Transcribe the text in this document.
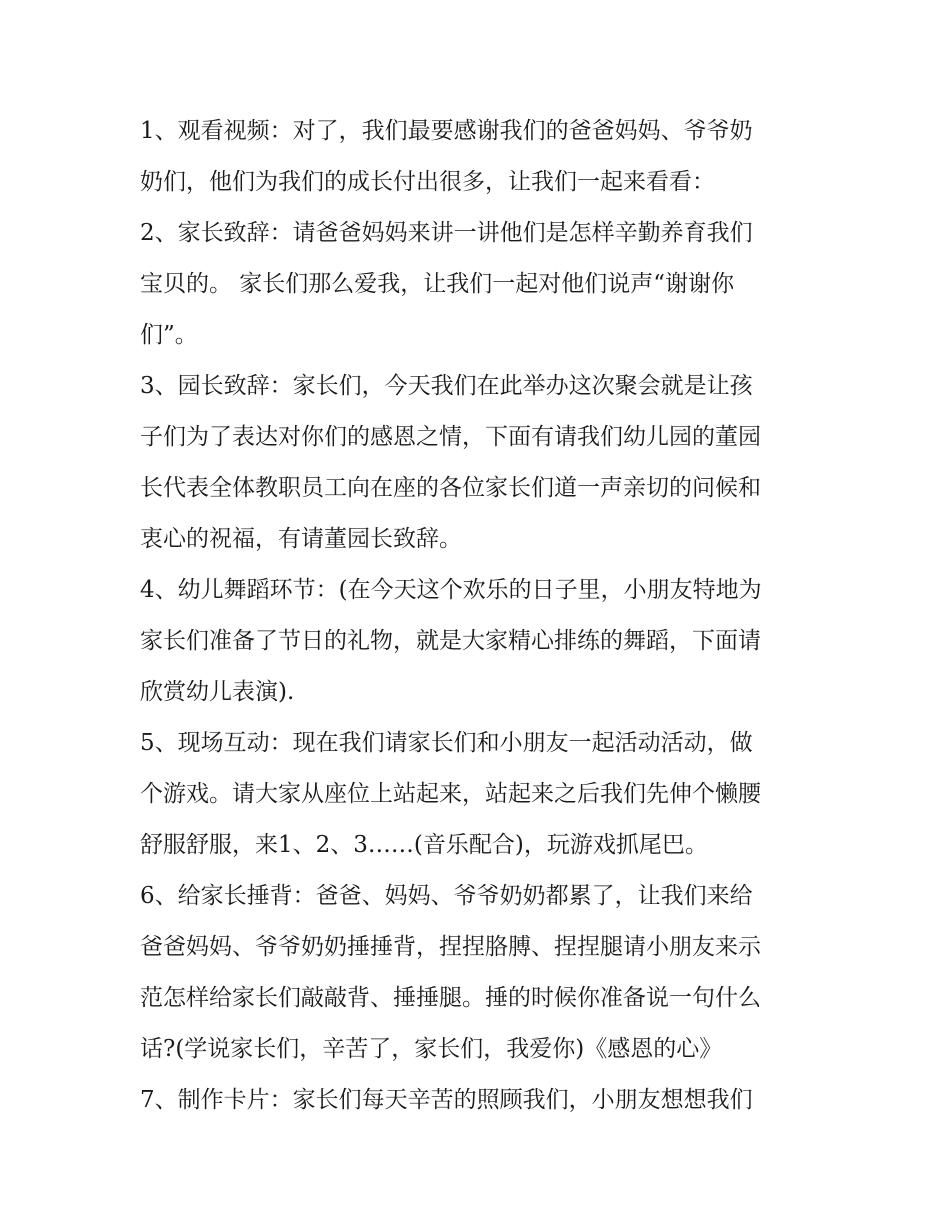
1、观看视频：对了，我们最要感谢我们的爸爸妈妈、爷爷奶
奶们，他们为我们的成长付出很多，让我们一起来看看：
2、家长致辞：请爸爸妈妈来讲一讲他们是怎样辛勤养育我们
宝贝的。 家长们那么爱我，让我们一起对他们说声“谢谢你
们”。
3、园长致辞：家长们，今天我们在此举办这次聚会就是让孩
子们为了表达对你们的感恩之情，下面有请我们幼儿园的董园
长代表全体教职员工向在座的各位家长们道一声亲切的问候和
衷心的祝福，有请董园长致辞。
4、幼儿舞蹈环节：(在今天这个欢乐的日子里，小朋友特地为
家长们准备了节日的礼物，就是大家精心排练的舞蹈，下面请
欣赏幼儿表演).
5、现场互动：现在我们请家长们和小朋友一起活动活动，做
个游戏。请大家从座位上站起来，站起来之后我们先伸个懒腰
舒服舒服，来1、2、3……(音乐配合)，玩游戏抓尾巴。
6、给家长捶背：爸爸、妈妈、爷爷奶奶都累了，让我们来给
爸爸妈妈、爷爷奶奶捶捶背，捏捏胳膊、捏捏腿请小朋友来示
范怎样给家长们敲敲背、捶捶腿。捶的时候你准备说一句什么
话?(学说家长们，辛苦了，家长们，我爱你)《感恩的心》
7、制作卡片：家长们每天辛苦的照顾我们，小朋友想想我们
